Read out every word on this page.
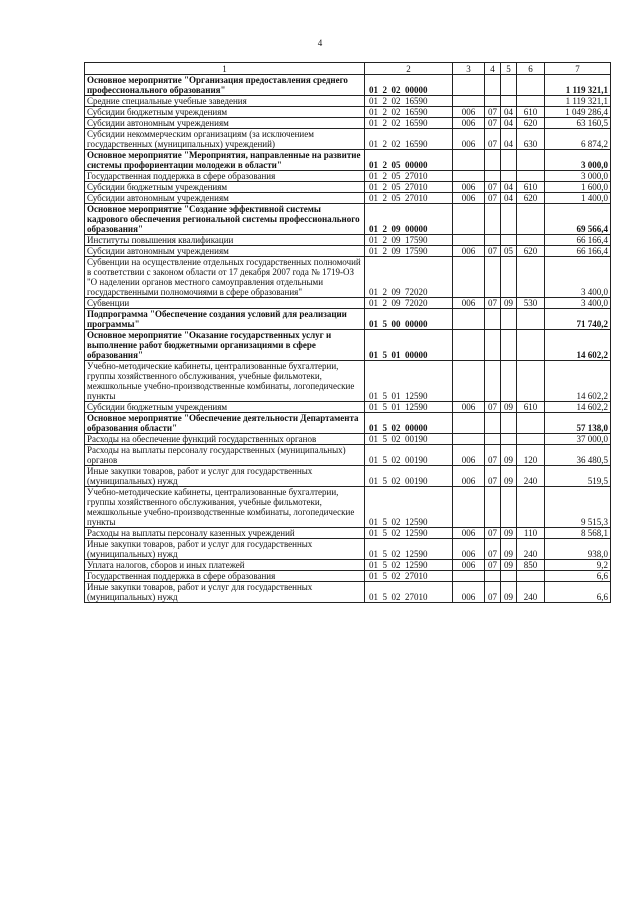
4
1	2	3	4	5	6	7
Основное мероприятие "Организация предоставления среднего профессионального образования"	01  2  02  00000					1 119 321,1
Средние специальные учебные заведения	01  2  02  16590					1 119 321,1
Субсидии бюджетным учреждениям	01  2  02  16590	006	07	04	610	1 049 286,4
Субсидии автономным учреждениям	01  2  02  16590	006	07	04	620	63 160,5
Субсидии некоммерческим организациям (за исключением государственных (муниципальных) учреждений)	01  2  02  16590	006	07	04	630	6 874,2
Основное мероприятие "Мероприятия, направленные на развитие системы профориентации молодежи в области"	01  2  05  00000					3 000,0
Государственная поддержка в сфере образования	01  2  05  27010					3 000,0
Субсидии бюджетным учреждениям	01  2  05  27010	006	07	04	610	1 600,0
Субсидии автономным учреждениям	01  2  05  27010	006	07	04	620	1 400,0
Основное мероприятие "Создание эффективной системы кадрового обеспечения региональной системы профессионального образования"	01  2  09  00000					69 566,4
Институты повышения квалификации	01  2  09  17590					66 166,4
Субсидии автономным учреждениям	01  2  09  17590	006	07	05	620	66 166,4
Субвенции на осуществление отдельных государственных полномочий в соответствии с законом области от 17 декабря 2007 года № 1719-ОЗ "О наделении органов местного самоуправления отдельными государственными полномочиями в сфере образования"	01  2  09  72020					3 400,0
Субвенции	01  2  09  72020	006	07	09	530	3 400,0
Подпрограмма "Обеспечение создания условий для реализации программы"	01  5  00  00000					71 740,2
Основное мероприятие "Оказание государственных услуг и выполнение работ бюджетными организациями в сфере образования"	01  5  01  00000					14 602,2
Учебно-методические кабинеты, централизованные бухгалтерии, группы хозяйственного обслуживания, учебные фильмотеки, межшкольные учебно-производственные комбинаты, логопедические пункты	01  5  01  12590					14 602,2
Субсидии бюджетным учреждениям	01  5  01  12590	006	07	09	610	14 602,2
Основное мероприятие "Обеспечение деятельности Департамента образования области"	01  5  02  00000					57 138,0
Расходы на обеспечение функций государственных органов	01  5  02  00190					37 000,0
Расходы на выплаты персоналу государственных (муниципальных) органов	01  5  02  00190	006	07	09	120	36 480,5
Иные закупки товаров, работ и услуг для государственных (муниципальных) нужд	01  5  02  00190	006	07	09	240	519,5
Учебно-методические кабинеты, централизованные бухгалтерии, группы хозяйственного обслуживания, учебные фильмотеки, межшкольные учебно-производственные комбинаты, логопедические пункты	01  5  02  12590					9 515,3
Расходы на выплаты персоналу казенных учреждений	01  5  02  12590	006	07	09	110	8 568,1
Иные закупки товаров, работ и услуг для государственных (муниципальных) нужд	01  5  02  12590	006	07	09	240	938,0
Уплата налогов, сборов и иных платежей	01  5  02  12590	006	07	09	850	9,2
Государственная поддержка в сфере образования	01  5  02  27010					6,6
Иные закупки товаров, работ и услуг для государственных (муниципальных) нужд	01  5  02  27010	006	07	09	240	6,6
